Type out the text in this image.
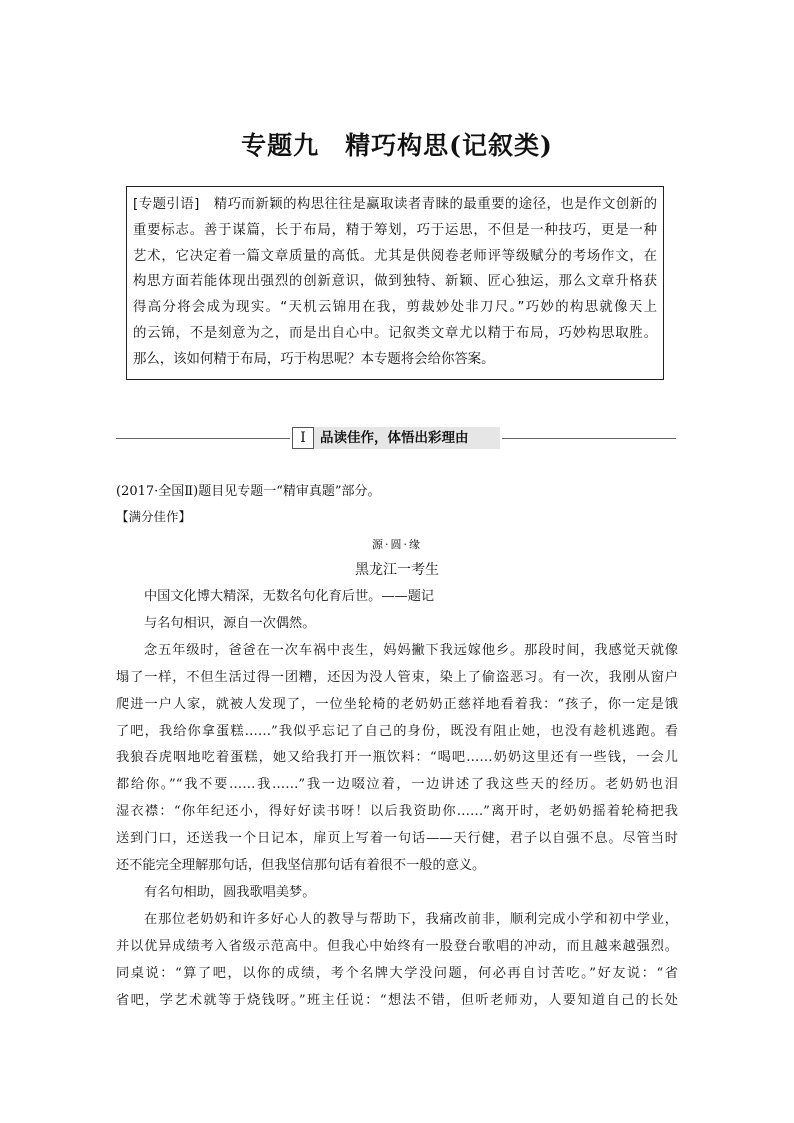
专题九　精巧构思(记叙类)
[专题引语]　精巧而新颖的构思往往是赢取读者青睐的最重要的途径，也是作文创新的
重要标志。善于谋篇，长于布局，精于筹划，巧于运思，不但是一种技巧，更是一种
艺术，它决定着一篇文章质量的高低。尤其是供阅卷老师评等级赋分的考场作文，在
构思方面若能体现出强烈的创新意识，做到独特、新颖、匠心独运，那么文章升格获
得高分将会成为现实。“天机云锦用在我，剪裁妙处非刀尺。”巧妙的构思就像天上
的云锦，不是刻意为之，而是出自心中。记叙类文章尤以精于布局，巧妙构思取胜。
那么，该如何精于布局，巧于构思呢？本专题将会给你答案。
Ⅰ	品读佳作，体悟出彩理由
(2017·全国Ⅱ)题目见专题一“精审真题”部分。
【满分佳作】
源·圆·缘
黑龙江一考生
中国文化博大精深，无数名句化育后世。——题记
与名句相识，源自一次偶然。
念五年级时，爸爸在一次车祸中丧生，妈妈撇下我远嫁他乡。那段时间，我感觉天就像
塌了一样，不但生活过得一团糟，还因为没人管束，染上了偷盗恶习。有一次，我刚从窗户
爬进一户人家，就被人发现了，一位坐轮椅的老奶奶正慈祥地看着我：“孩子，你一定是饿
了吧，我给你拿蛋糕……”我似乎忘记了自己的身份，既没有阻止她，也没有趁机逃跑。看
我狼吞虎咽地吃着蛋糕，她又给我打开一瓶饮料：“喝吧……奶奶这里还有一些钱，一会儿
都给你。”“我不要……我……”我一边啜泣着，一边讲述了我这些天的经历。老奶奶也泪
湿衣襟：“你年纪还小，得好好读书呀！以后我资助你……”离开时，老奶奶摇着轮椅把我
送到门口，还送我一个日记本，扉页上写着一句话——天行健，君子以自强不息。尽管当时
还不能完全理解那句话，但我坚信那句话有着很不一般的意义。
有名句相助，圆我歌唱美梦。
在那位老奶奶和许多好心人的教导与帮助下，我痛改前非，顺利完成小学和初中学业，
并以优异成绩考入省级示范高中。但我心中始终有一股登台歌唱的冲动，而且越来越强烈。
同桌说：“算了吧，以你的成绩，考个名牌大学没问题，何必再自讨苦吃。”好友说：“省
省吧，学艺术就等于烧钱呀。”班主任说：“想法不错，但听老师劝，人要知道自己的长处
